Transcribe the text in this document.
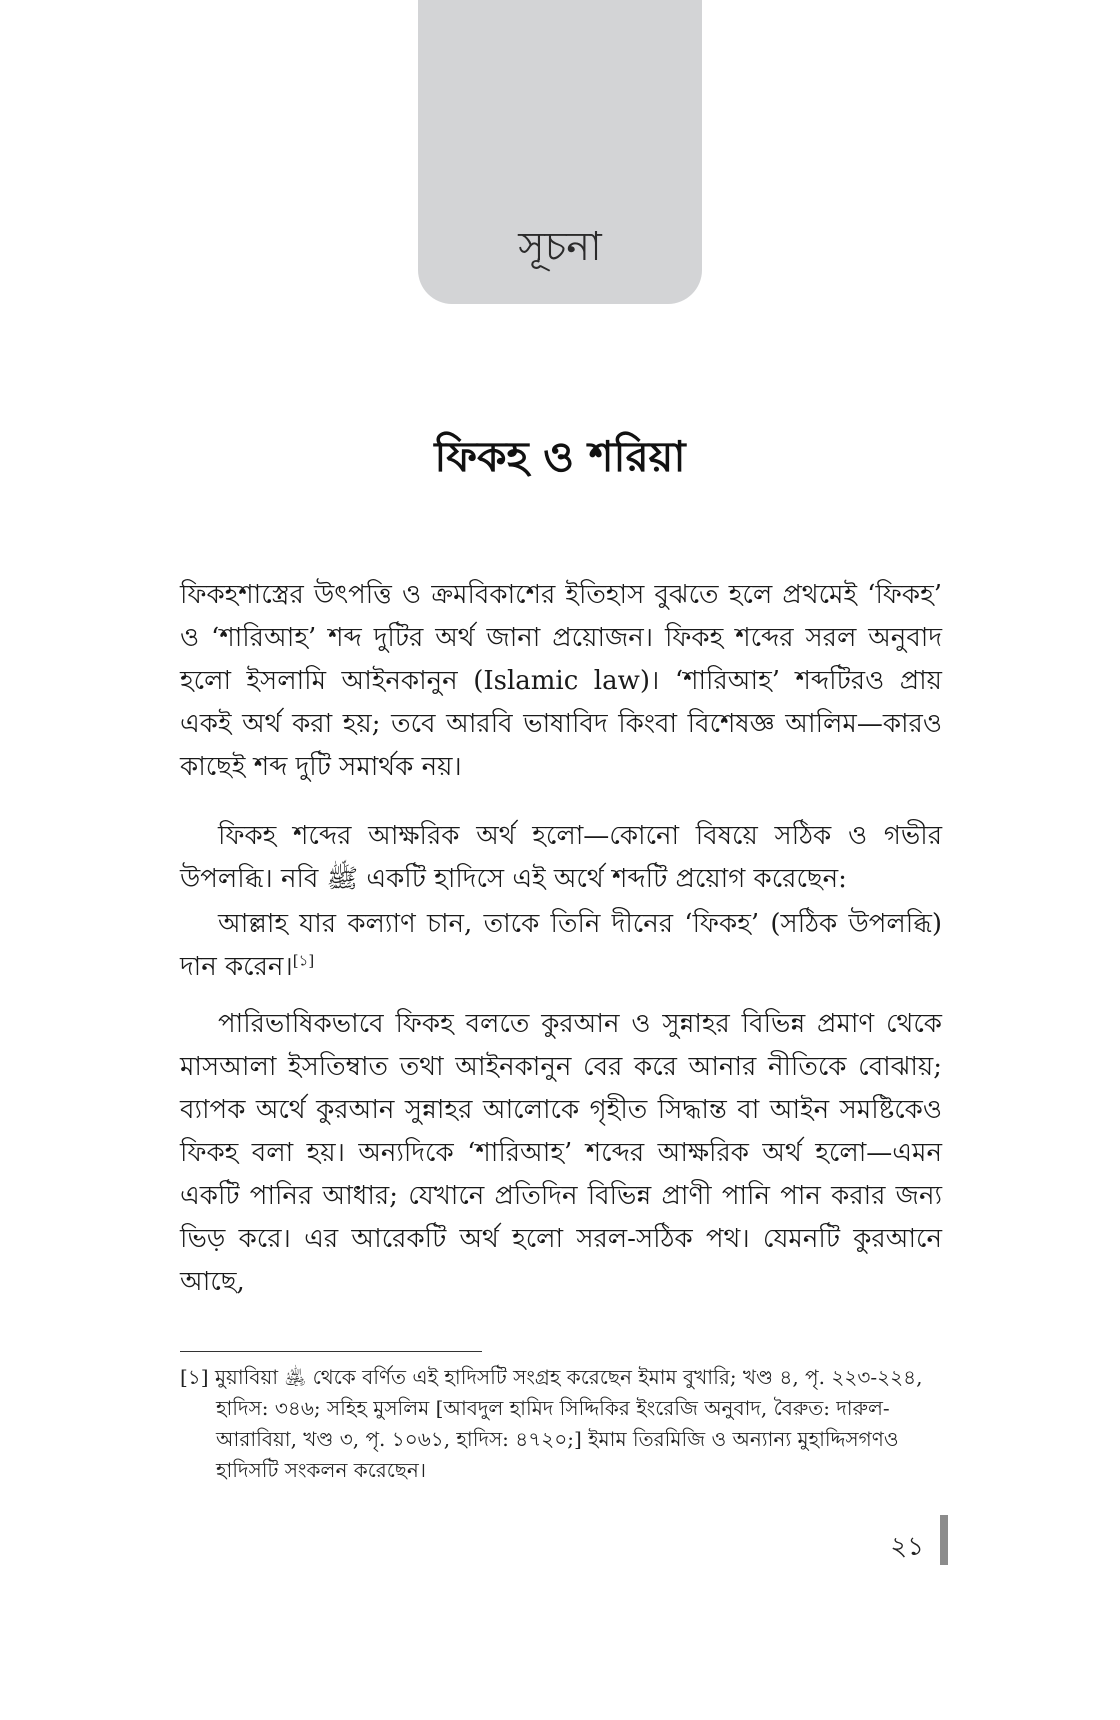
সূচনা
ফিকহ ও শরিয়া

ফিকহশাস্ত্রের উৎপত্তি ও ক্রমবিকাশের ইতিহাস বুঝতে হলে প্রথমেই ‘ফিকহ’ ও ‘শারিআহ’ শব্দ দুটির অর্থ জানা প্রয়োজন। ফিকহ শব্দের সরল অনুবাদ হলো ইসলামি আইনকানুন (Islamic law)। ‘শারিআহ’ শব্দটিরও প্রায় একই অর্থ করা হয়; তবে আরবি ভাষাবিদ কিংবা বিশেষজ্ঞ আলিম—কারও কাছেই শব্দ দুটি সমার্থক নয়।

ফিকহ শব্দের আক্ষরিক অর্থ হলো—কোনো বিষয়ে সঠিক ও গভীর উপলব্ধি। নবি ﷺ একটি হাদিসে এই অর্থে শব্দটি প্রয়োগ করেছেন:

আল্লাহ যার কল্যাণ চান, তাকে তিনি দীনের ‘ফিকহ’ (সঠিক উপলব্ধি) দান করেন।[১]

পারিভাষিকভাবে ফিকহ বলতে কুরআন ও সুন্নাহর বিভিন্ন প্রমাণ থেকে মাসআলা ইসতিম্বাত তথা আইনকানুন বের করে আনার নীতিকে বোঝায়; ব্যাপক অর্থে কুরআন সুন্নাহর আলোকে গৃহীত সিদ্ধান্ত বা আইন সমষ্টিকেও ফিকহ বলা হয়। অন্যদিকে ‘শারিআহ’ শব্দের আক্ষরিক অর্থ হলো—এমন একটি পানির আধার; যেখানে প্রতিদিন বিভিন্ন প্রাণী পানি পান করার জন্য ভিড় করে। এর আরেকটি অর্থ হলো সরল-সঠিক পথ। যেমনটি কুরআনে আছে,

[১] মুয়াবিয়া ﵁ থেকে বর্ণিত এই হাদিসটি সংগ্রহ করেছেন ইমাম বুখারি; খণ্ড ৪, পৃ. ২২৩-২২৪, হাদিস: ৩৪৬; সহিহ মুসলিম [আবদুল হামিদ সিদ্দিকির ইংরেজি অনুবাদ, বৈরুত: দারুল-আরাবিয়া, খণ্ড ৩, পৃ. ১০৬১, হাদিস: ৪৭২০;] ইমাম তিরমিজি ও অন্যান্য মুহাদ্দিসগণও হাদিসটি সংকলন করেছেন।

২১
